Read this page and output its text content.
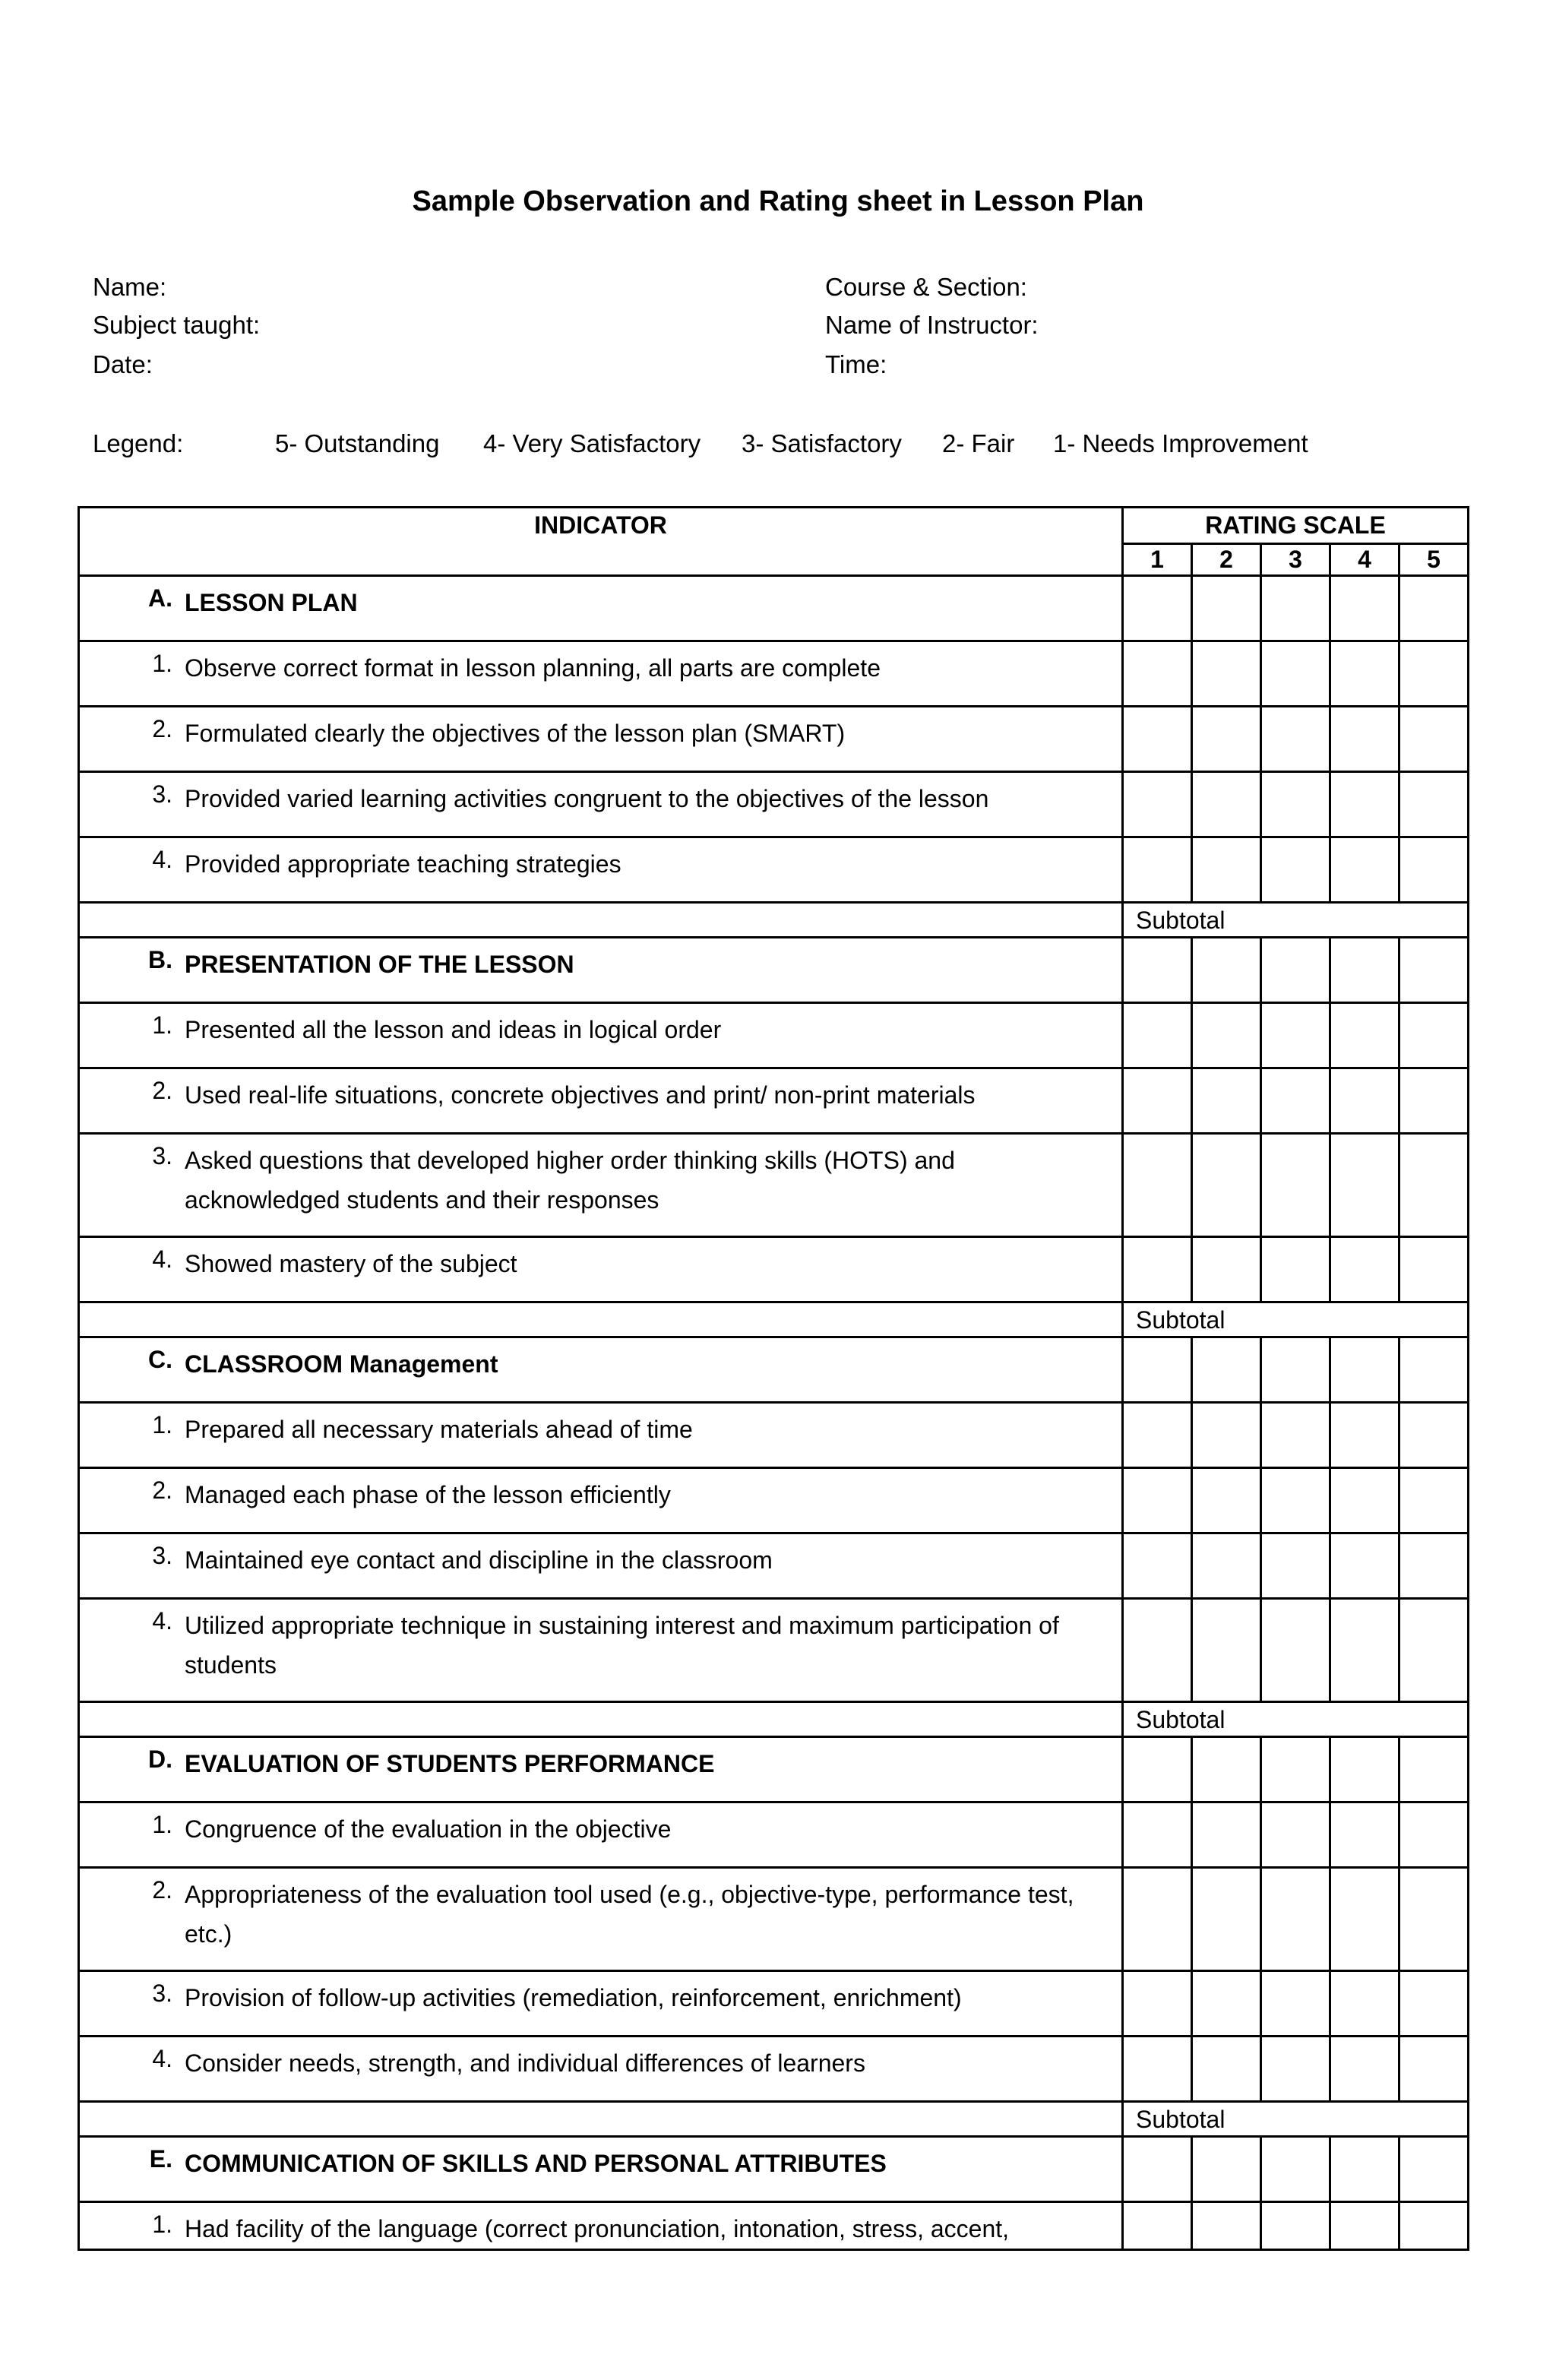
Sample Observation and Rating sheet in Lesson Plan
Name:
Subject taught:
Date:
Course & Section:
Name of Instructor:
Time:
Legend:	5- Outstanding 4- Very Satisfactory 3- Satisfactory 2- Fair 1- Needs Improvement
INDICATOR	RATING SCALE				
	1	2	3	4	5

A. LESSON PLAN					

1. Observe correct format in lesson planning, all parts are complete					

2. Formulated clearly the objectives of the lesson plan (SMART)					

3. Provided varied learning activities congruent to the objectives of the lesson					

4. Provided appropriate teaching strategies					

	Subtotal				

B. PRESENTATION OF THE LESSON					

1. Presented all the lesson and ideas in logical order					

2. Used real-life situations, concrete objectives and print/ non-print materials					

3. Asked questions that developed higher order thinking skills (HOTS) and acknowledged students and their responses					

4. Showed mastery of the subject					

	Subtotal				

C. CLASSROOM Management					

1. Prepared all necessary materials ahead of time					

2. Managed each phase of the lesson efficiently					

3. Maintained eye contact and discipline in the classroom					

4. Utilized appropriate technique in sustaining interest and maximum participation of students					

	Subtotal				

D. EVALUATION OF STUDENTS PERFORMANCE					

1. Congruence of the evaluation in the objective					

2. Appropriateness of the evaluation tool used (e.g., objective-type, performance test, etc.)					

3. Provision of follow-up activities (remediation, reinforcement, enrichment)					

4. Consider needs, strength, and individual differences of learners					

	Subtotal				

E. COMMUNICATION OF SKILLS AND PERSONAL ATTRIBUTES					

1. Had facility of the language (correct pronunciation, intonation, stress, accent,					
